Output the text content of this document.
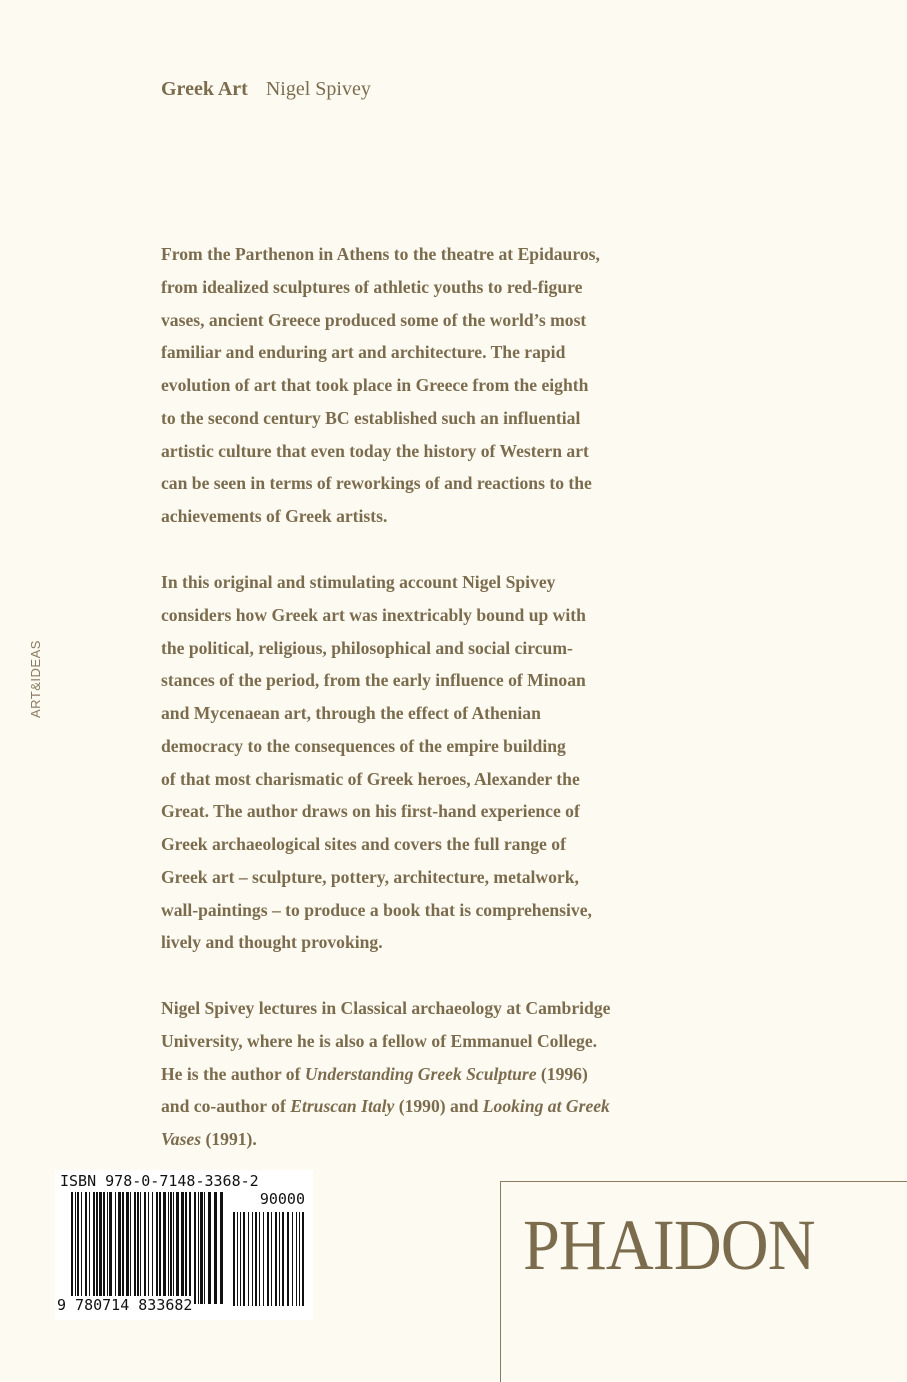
Greek Art Nigel Spivey
ART&IDEAS
From the Parthenon in Athens to the theatre at Epidauros,
from idealized sculptures of athletic youths to red-figure
vases, ancient Greece produced some of the world’s most
familiar and enduring art and architecture. The rapid
evolution of art that took place in Greece from the eighth
to the second century BC established such an influential
artistic culture that even today the history of Western art
can be seen in terms of reworkings of and reactions to the
achievements of Greek artists.
In this original and stimulating account Nigel Spivey
considers how Greek art was inextricably bound up with
the political, religious, philosophical and social circum-
stances of the period, from the early influence of Minoan
and Mycenaean art, through the effect of Athenian
democracy to the consequences of the empire building
of that most charismatic of Greek heroes, Alexander the
Great. The author draws on his first-hand experience of
Greek archaeological sites and covers the full range of
Greek art – sculpture, pottery, architecture, metalwork,
wall-paintings – to produce a book that is comprehensive,
lively and thought provoking.
Nigel Spivey lectures in Classical archaeology at Cambridge
University, where he is also a fellow of Emmanuel College.
He is the author of Understanding Greek Sculpture (1996)
and co-author of Etruscan Italy (1990) and Looking at Greek
Vases (1991).
ISBN 978-0-7148-3368-2
90000
9 780714 833682
PHAIDON
